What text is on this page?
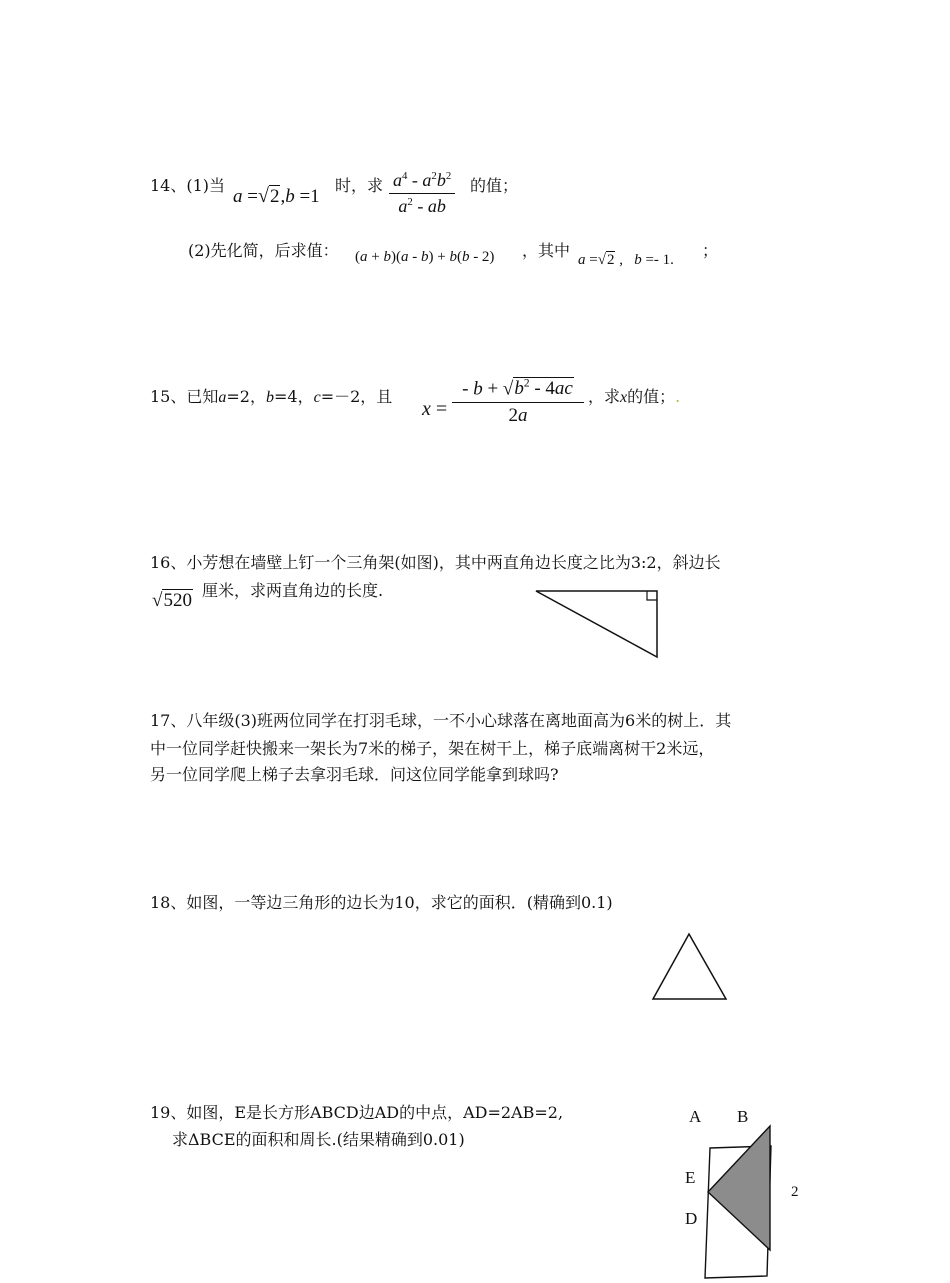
14、(1)当
a =√2,b =1
时，求 $\frac{a^4 - a^2b^2}{a^2 - ab}$ 的值；
(2)先化简，后求值： (a + b)(a - b) + b(b - 2) ，其中 a =√2 ,   b =- 1. ；
15、已知a=2，b=4，c=－2，且
$x = \frac{- b + √b^2 - 4ac}{2a}$ ，求x的值；.
16、小芳想在墙壁上钉一个三角架(如图)，其中两直角边长度之比为3:2，斜边长
√520 厘米，求两直角边的长度.
17、八年级(3)班两位同学在打羽毛球，一不小心球落在离地面高为6米的树上．其
中一位同学赶快搬来一架长为7米的梯子，架在树干上，梯子底端离树干2米远，
另一位同学爬上梯子去拿羽毛球．问这位同学能拿到球吗?
18、如图，一等边三角形的边长为10，求它的面积．(精确到0.1)
19、如图，E是长方形ABCD边AD的中点，AD=2AB=2,
求ΔBCE的面积和周长.(结果精确到0.01)
A B
E
D
2
